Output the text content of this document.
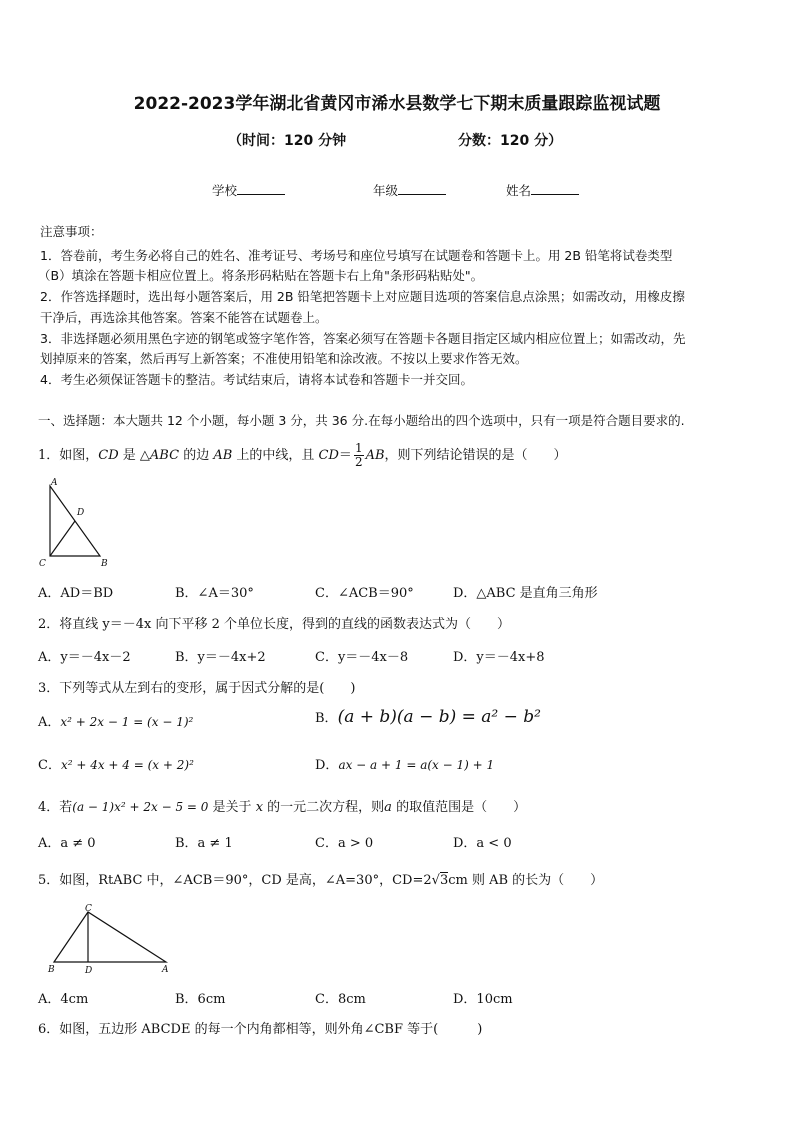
2022-2023学年湖北省黄冈市浠水县数学七下期末质量跟踪监视试题
（时间：120 分钟	分数：120 分）
学校	年级	姓名
注意事项：
1．答卷前，考生务必将自己的姓名、准考证号、考场号和座位号填写在试题卷和答题卡上。用 2B 铅笔将试卷类型
（B）填涂在答题卡相应位置上。将条形码粘贴在答题卡右上角"条形码粘贴处"。
2．作答选择题时，选出每小题答案后，用 2B 铅笔把答题卡上对应题目选项的答案信息点涂黑；如需改动，用橡皮擦
干净后，再选涂其他答案。答案不能答在试题卷上。
3．非选择题必须用黑色字迹的钢笔或签字笔作答，答案必须写在答题卡各题目指定区域内相应位置上；如需改动，先
划掉原来的答案，然后再写上新答案；不准使用铅笔和涂改液。不按以上要求作答无效。
4．考生必须保证答题卡的整洁。考试结束后，请将本试卷和答题卡一并交回。
一、选择题：本大题共 12 个小题，每小题 3 分，共 36 分.在每小题给出的四个选项中，只有一项是符合题目要求的.
1．如图，CD 是 △ABC 的边 AB 上的中线，且 $CD= \frac{1}{2}$ AB，则下列结论错误的是（　　）
A
D
C	B
A．AD＝BD	B．∠A＝30°	C．∠ACB＝90°	D．△ABC 是直角三角形
2．将直线 y＝－4x 向下平移 2 个单位长度，得到的直线的函数表达式为（　　）
A．y＝－4x－2	B．y＝－4x+2	C．y＝－4x－8	D．y＝－4x+8
3．下列等式从左到右的变形，属于因式分解的是(　　)
A．x² + 2x − 1 = (x − 1)²	B．(a + b)(a − b) = a² − b²
C．x² + 4x + 4 = (x + 2)²	D．ax − a + 1 = a(x − 1) + 1
4．若(a − 1)x² + 2x − 5 = 0 是关于 x 的一元二次方程，则a 的取值范围是（　　）
A．a ≠ 0	B．a ≠ 1	C．a > 0	D．a < 0
5．如图，RtABC 中，∠ACB＝90°，CD 是高，∠A=30°，CD=2√3cm 则 AB 的长为（　　）
C
B	D	A
A．4cm	B．6cm	C．8cm	D．10cm
6．如图，五边形 ABCDE 的每一个内角都相等，则外角∠CBF 等于(　　　)
